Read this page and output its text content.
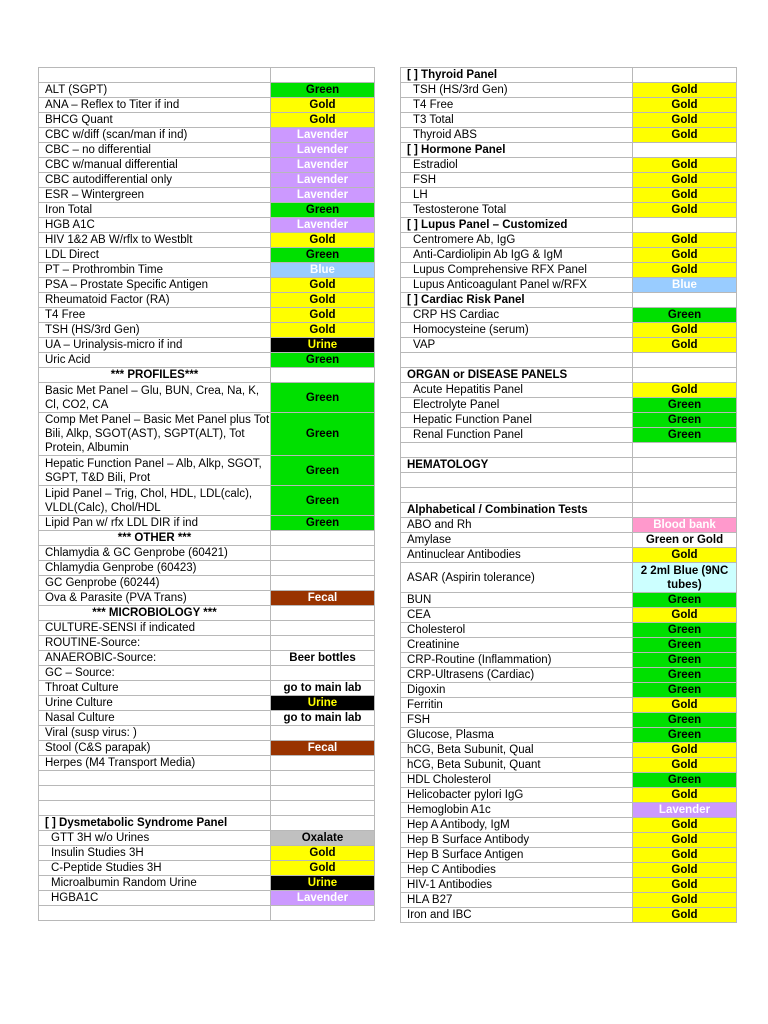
ALT (SGPT)	Green
ANA – Reflex to Titer if ind	Gold
BHCG Quant	Gold
CBC w/diff (scan/man if ind)	Lavender
CBC – no differential	Lavender
CBC w/manual differential	Lavender
CBC autodifferential only	Lavender
ESR – Wintergreen	Lavender
Iron Total	Green
HGB A1C	Lavender
HIV 1&2 AB W/rflx to Westblt	Gold
LDL Direct	Green
PT – Prothrombin Time	Blue
PSA – Prostate Specific Antigen	Gold
Rheumatoid Factor (RA)	Gold
T4 Free	Gold
TSH (HS/3rd Gen)	Gold
UA – Urinalysis-micro if ind	Urine
Uric Acid	Green
*** PROFILES***	
Basic Met Panel – Glu, BUN, Crea, Na, K, Cl, CO2, CA	Green
Comp Met Panel – Basic Met Panel plus Tot Bili, Alkp, SGOT(AST), SGPT(ALT), Tot Protein, Albumin	Green
Hepatic Function Panel – Alb, Alkp, SGOT, SGPT, T&D Bili, Prot	Green
Lipid Panel – Trig, Chol, HDL, LDL(calc), VLDL(Calc), Chol/HDL	Green
Lipid Pan w/ rfx LDL DIR if ind	Green
*** OTHER ***	
Chlamydia & GC Genprobe (60421)	
Chlamydia Genprobe (60423)	
GC Genprobe (60244)	
Ova & Parasite (PVA Trans)	Fecal
*** MICROBIOLOGY ***	
CULTURE-SENSI if indicated	
ROUTINE-Source:	
ANAEROBIC-Source:	Beer bottles
GC – Source:	
Throat Culture	go to main lab
Urine Culture	Urine
Nasal Culture	go to main lab
Viral (susp virus: )	
Stool (C&S parapak)	Fecal
Herpes (M4 Transport Media)	

[ ] Dysmetabolic Syndrome Panel	
GTT 3H w/o Urines	Oxalate
Insulin Studies 3H	Gold
C-Peptide Studies 3H	Gold
Microalbumin Random Urine	Urine
HGBA1C	Lavender

[ ] Thyroid Panel	
TSH (HS/3rd Gen)	Gold
T4 Free	Gold
T3 Total	Gold
Thyroid ABS	Gold
[ ] Hormone Panel	
Estradiol	Gold
FSH	Gold
LH	Gold
Testosterone Total	Gold
[ ] Lupus Panel – Customized	
Centromere Ab, IgG	Gold
Anti-Cardiolipin Ab IgG & IgM	Gold
Lupus Comprehensive RFX Panel	Gold
Lupus Anticoagulant Panel w/RFX	Blue
[ ] Cardiac Risk Panel	
CRP HS Cardiac	Green
Homocysteine (serum)	Gold
VAP	Gold

ORGAN or DISEASE PANELS	
Acute Hepatitis Panel	Gold
Electrolyte Panel	Green
Hepatic Function Panel	Green
Renal Function Panel	Green

HEMATOLOGY	

Alphabetical / Combination Tests	
ABO and Rh	Blood bank
Amylase	Green or Gold
Antinuclear Antibodies	Gold
ASAR (Aspirin tolerance)	2 2ml Blue (9NC tubes)
BUN	Green
CEA	Gold
Cholesterol	Green
Creatinine	Green
CRP-Routine (Inflammation)	Green
CRP-Ultrasens (Cardiac)	Green
Digoxin	Green
Ferritin	Gold
FSH	Green
Glucose, Plasma	Green
hCG, Beta Subunit, Qual	Gold
hCG, Beta Subunit, Quant	Gold
HDL Cholesterol	Green
Helicobacter pylori IgG	Gold
Hemoglobin A1c	Lavender
Hep A Antibody, IgM	Gold
Hep B Surface Antibody	Gold
Hep B Surface Antigen	Gold
Hep C Antibodies	Gold
HIV-1 Antibodies	Gold
HLA B27	Gold
Iron and IBC	Gold
